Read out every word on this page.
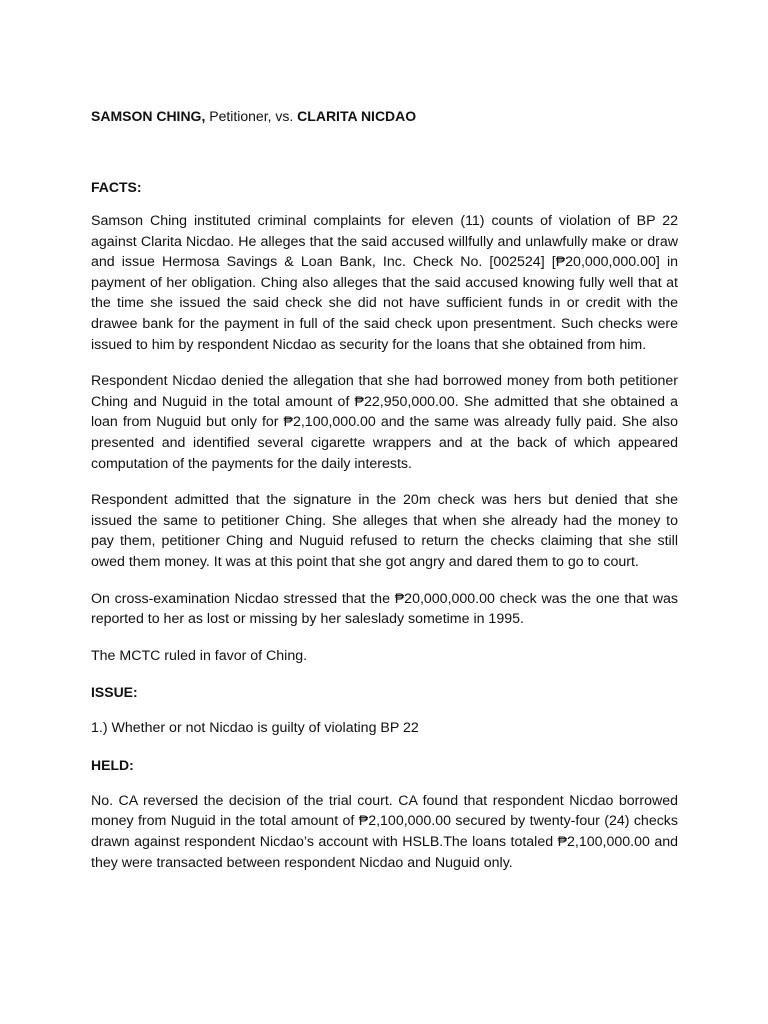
SAMSON CHING, Petitioner, vs. CLARITA NICDAO

FACTS:

Samson Ching instituted criminal complaints for eleven (11) counts of violation of BP 22 against Clarita Nicdao. He alleges that the said accused willfully and unlawfully make or draw and issue Hermosa Savings & Loan Bank, Inc. Check No. [002524] [₱20,000,000.00] in payment of her obligation. Ching also alleges that the said accused knowing fully well that at the time she issued the said check she did not have sufficient funds in or credit with the drawee bank for the payment in full of the said check upon presentment. Such checks were issued to him by respondent Nicdao as security for the loans that she obtained from him.

Respondent Nicdao denied the allegation that she had borrowed money from both petitioner Ching and Nuguid in the total amount of ₱22,950,000.00. She admitted that she obtained a loan from Nuguid but only for ₱2,100,000.00 and the same was already fully paid. She also presented and identified several cigarette wrappers and at the back of which appeared computation of the payments for the daily interests.

Respondent admitted that the signature in the 20m check was hers but denied that she issued the same to petitioner Ching. She alleges that when she already had the money to pay them, petitioner Ching and Nuguid refused to return the checks claiming that she still owed them money. It was at this point that she got angry and dared them to go to court.

On cross-examination Nicdao stressed that the ₱20,000,000.00 check was the one that was reported to her as lost or missing by her saleslady sometime in 1995.

The MCTC ruled in favor of Ching.

ISSUE:

1.) Whether or not Nicdao is guilty of violating BP 22

HELD:

No. CA reversed the decision of the trial court. CA found that respondent Nicdao borrowed money from Nuguid in the total amount of ₱2,100,000.00 secured by twenty-four (24) checks drawn against respondent Nicdao’s account with HSLB.The loans totaled ₱2,100,000.00 and they were transacted between respondent Nicdao and Nuguid only.
